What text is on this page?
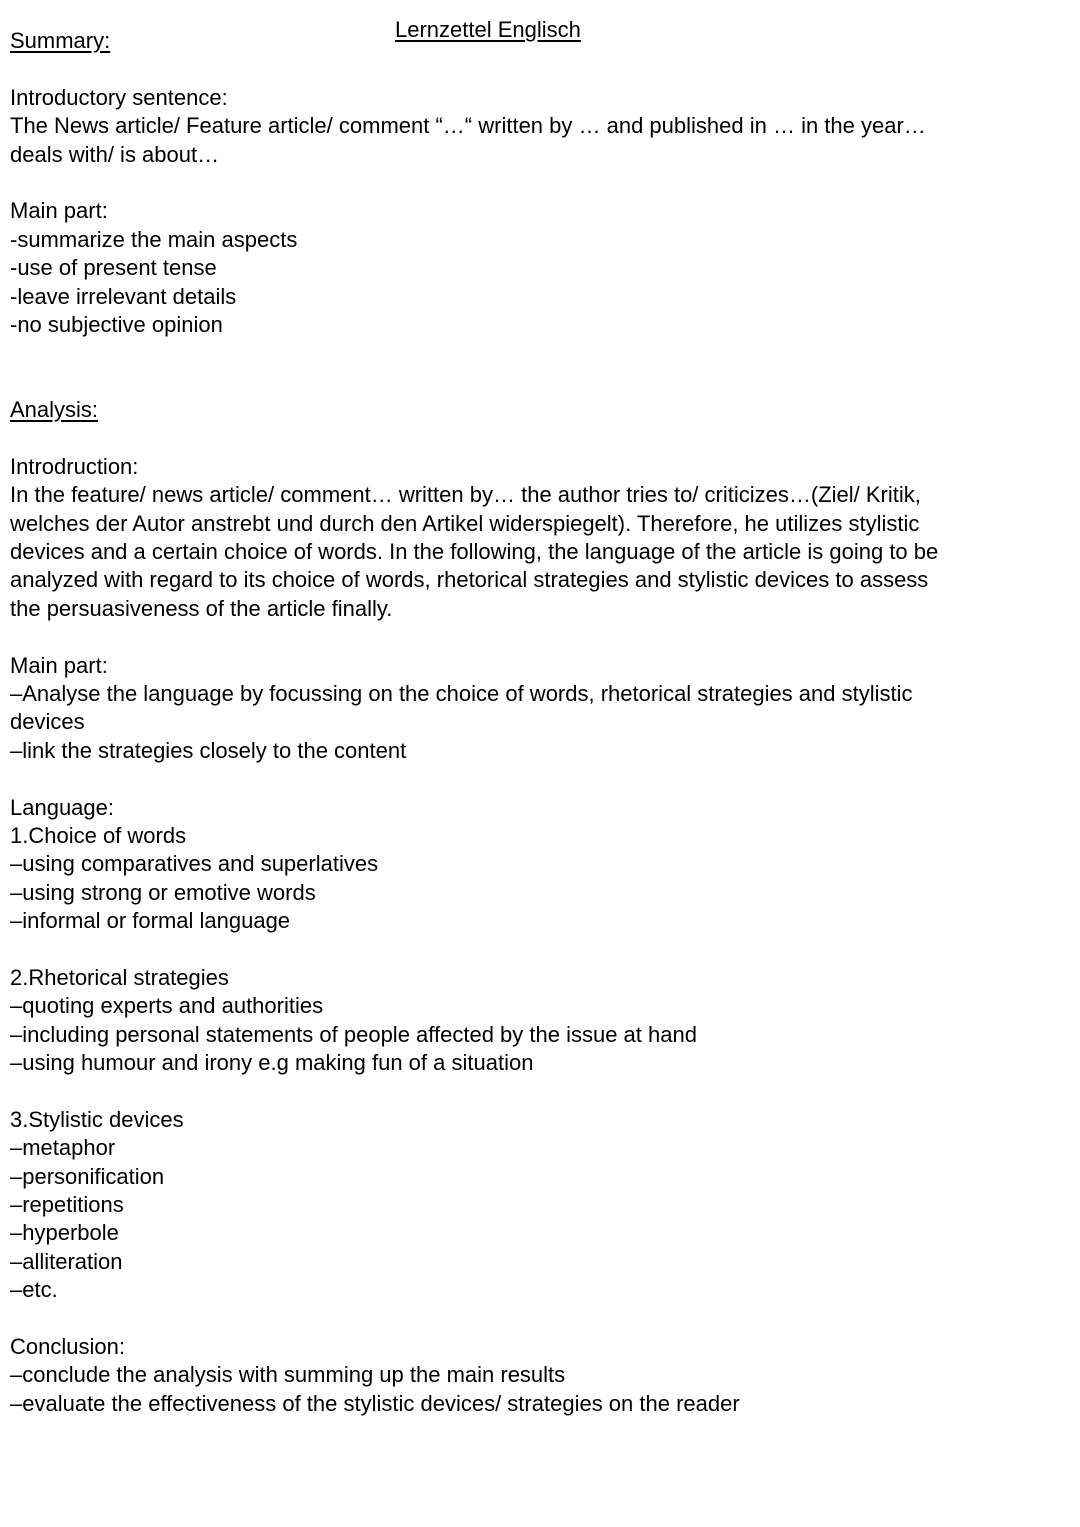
Lernzettel Englisch
Summary:
Introductory sentence:
The News article/ Feature article/ comment “…“ written by … and published in … in the year…
deals with/ is about…
Main part:
-summarize the main aspects
-use of present tense
-leave irrelevant details
-no subjective opinion
Analysis:
Introdruction:
In the feature/ news article/ comment… written by… the author tries to/ criticizes…(Ziel/ Kritik,
welches der Autor anstrebt und durch den Artikel widerspiegelt). Therefore, he utilizes stylistic
devices and a certain choice of words. In the following, the language of the article is going to be
analyzed with regard to its choice of words, rhetorical strategies and stylistic devices to assess
the persuasiveness of the article finally.
Main part:
–Analyse the language by focussing on the choice of words, rhetorical strategies and stylistic
devices
–link the strategies closely to the content
Language:
1.Choice of words
–using comparatives and superlatives
–using strong or emotive words
–informal or formal language
2.Rhetorical strategies
–quoting experts and authorities
–including personal statements of people affected by the issue at hand
–using humour and irony e.g making fun of a situation
3.Stylistic devices
–metaphor
–personification
–repetitions
–hyperbole
–alliteration
–etc.
Conclusion:
–conclude the analysis with summing up the main results
–evaluate the effectiveness of the stylistic devices/ strategies on the reader
